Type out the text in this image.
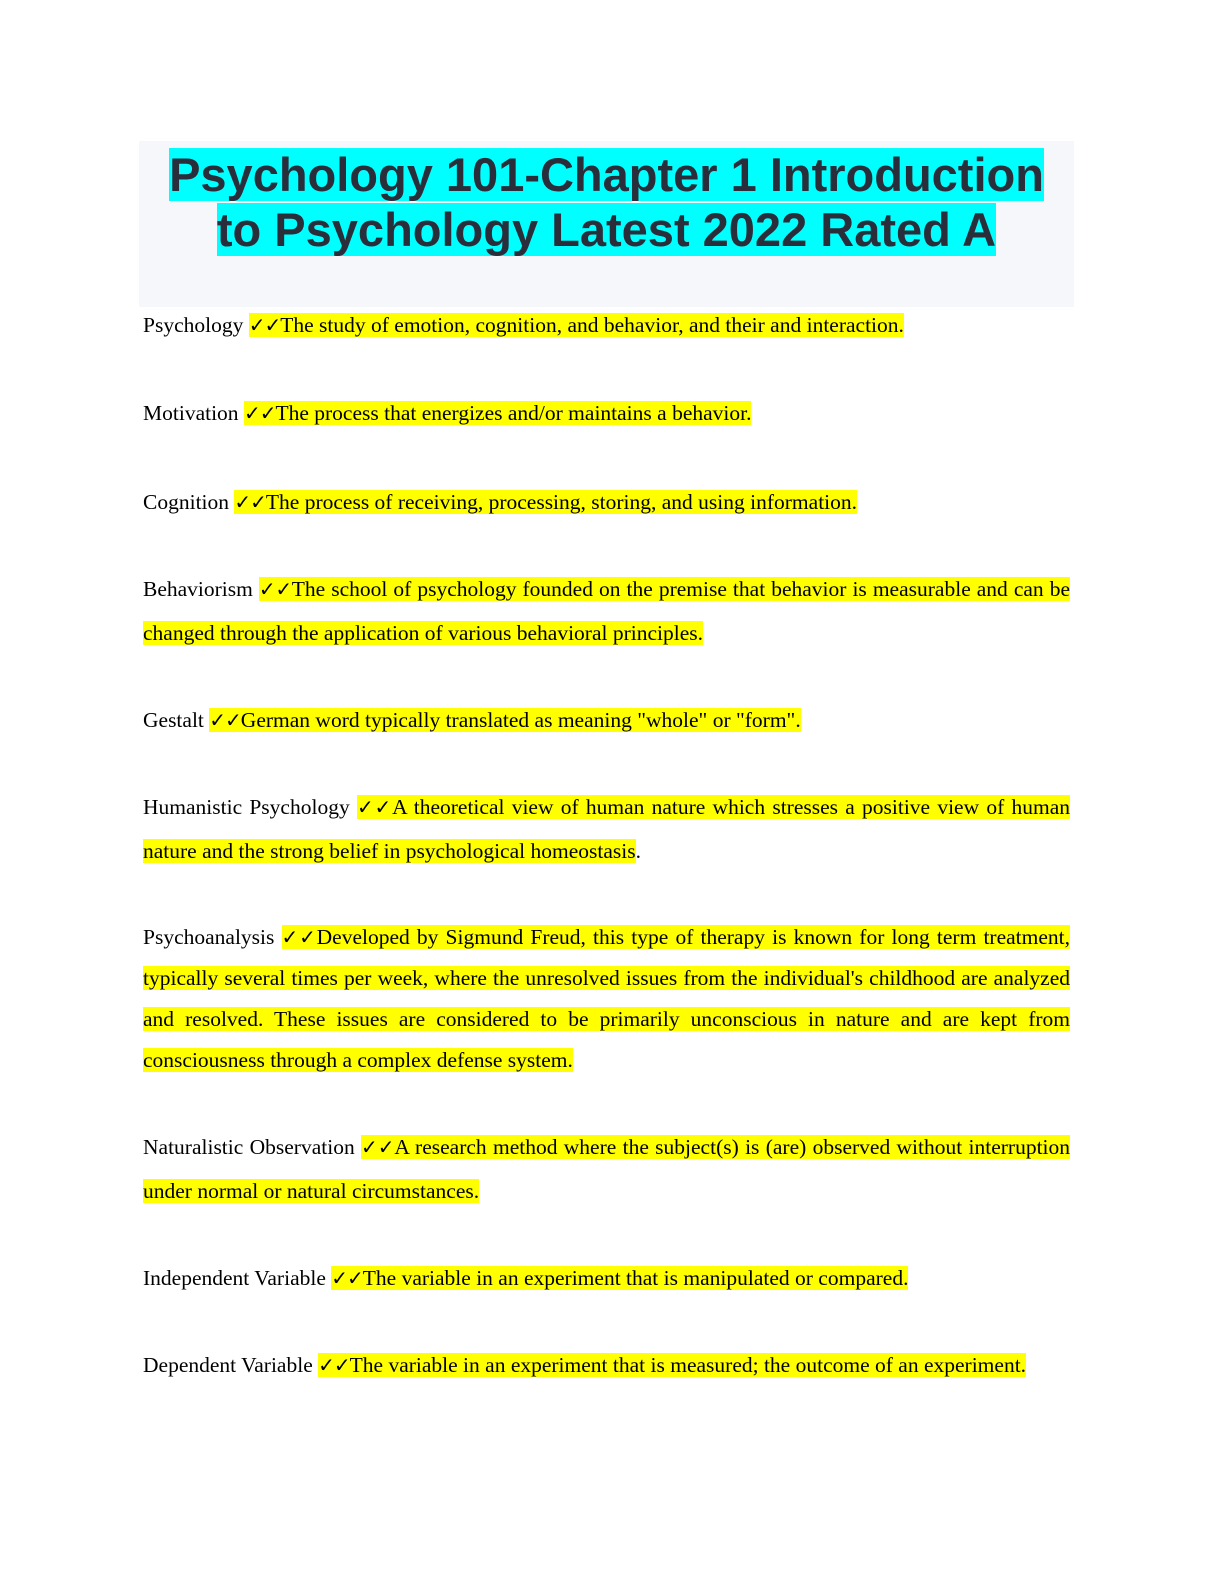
Psychology 101-Chapter 1 Introduction
to Psychology Latest 2022 Rated A

Psychology ✓✓The study of emotion, cognition, and behavior, and their and interaction.

Motivation ✓✓The process that energizes and/or maintains a behavior.

Cognition ✓✓The process of receiving, processing, storing, and using information.

Behaviorism ✓✓The school of psychology founded on the premise that behavior is measurable and can be changed through the application of various behavioral principles.

Gestalt ✓✓German word typically translated as meaning "whole" or "form".

Humanistic Psychology ✓✓A theoretical view of human nature which stresses a positive view of human nature and the strong belief in psychological homeostasis.

Psychoanalysis ✓✓Developed by Sigmund Freud, this type of therapy is known for long term treatment, typically several times per week, where the unresolved issues from the individual's childhood are analyzed and resolved. These issues are considered to be primarily unconscious in nature and are kept from consciousness through a complex defense system.

Naturalistic Observation ✓✓A research method where the subject(s) is (are) observed without interruption under normal or natural circumstances.

Independent Variable ✓✓The variable in an experiment that is manipulated or compared.

Dependent Variable ✓✓The variable in an experiment that is measured; the outcome of an experiment.
